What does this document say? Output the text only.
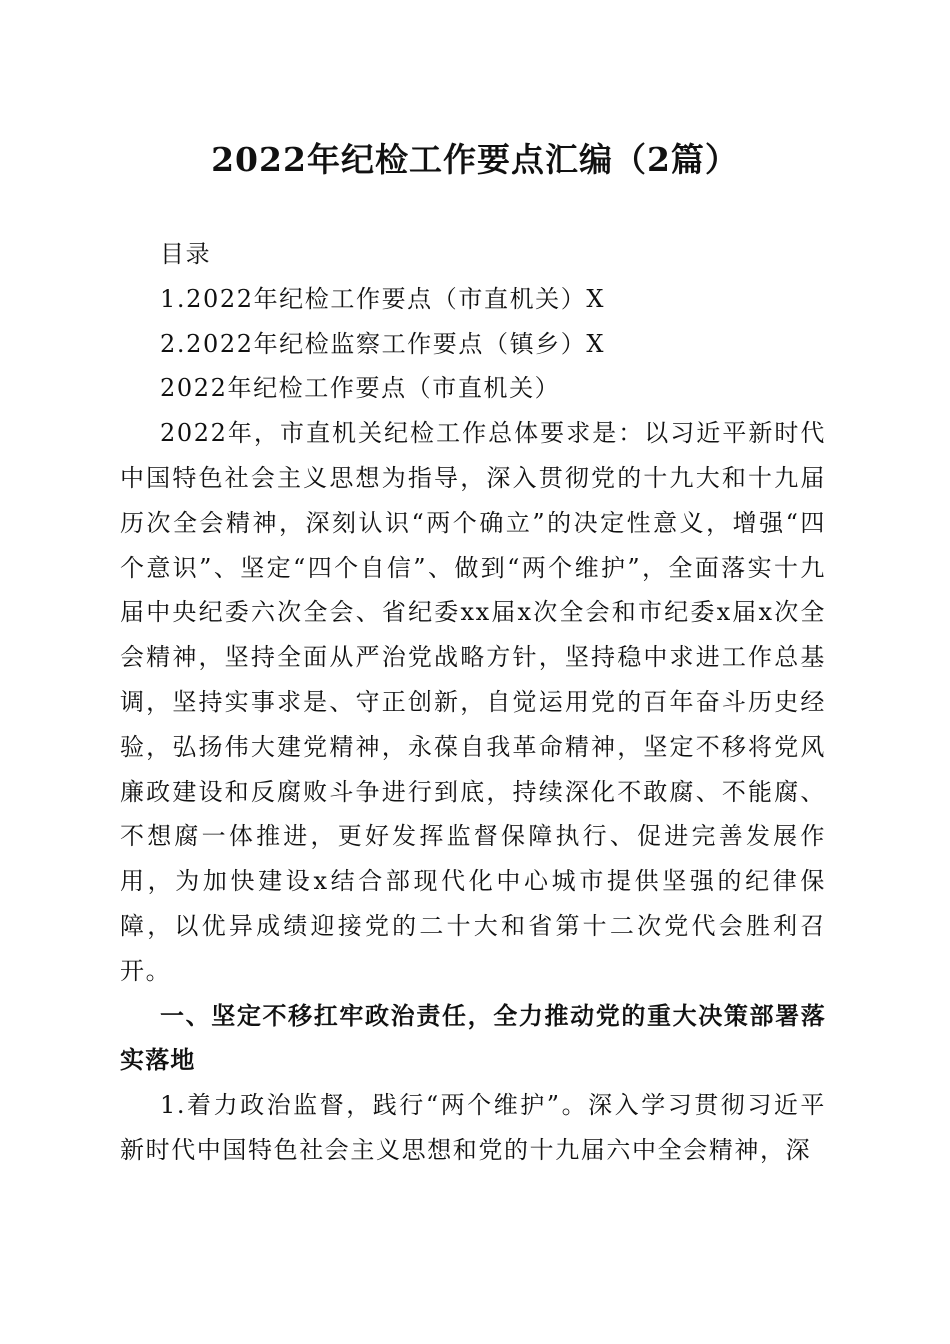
2022年纪检工作要点汇编（2篇）

目录

1.2022年纪检工作要点（市直机关）X

2.2022年纪检监察工作要点（镇乡）X

2022年纪检工作要点（市直机关）

2022年，市直机关纪检工作总体要求是：以习近平新时代中国特色社会主义思想为指导，深入贯彻党的十九大和十九届历次全会精神，深刻认识“两个确立”的决定性意义，增强“四个意识”、坚定“四个自信”、做到“两个维护”，全面落实十九届中央纪委六次全会、省纪委xx届x次全会和市纪委x届x次全会精神，坚持全面从严治党战略方针，坚持稳中求进工作总基调，坚持实事求是、守正创新，自觉运用党的百年奋斗历史经验，弘扬伟大建党精神，永葆自我革命精神，坚定不移将党风廉政建设和反腐败斗争进行到底，持续深化不敢腐、不能腐、不想腐一体推进，更好发挥监督保障执行、促进完善发展作用，为加快建设x结合部现代化中心城市提供坚强的纪律保障，以优异成绩迎接党的二十大和省第十二次党代会胜利召开。

一、坚定不移扛牢政治责任，全力推动党的重大决策部署落实落地

1.着力政治监督，践行“两个维护”。深入学习贯彻习近平新时代中国特色社会主义思想和党的十九届六中全会精神，深
